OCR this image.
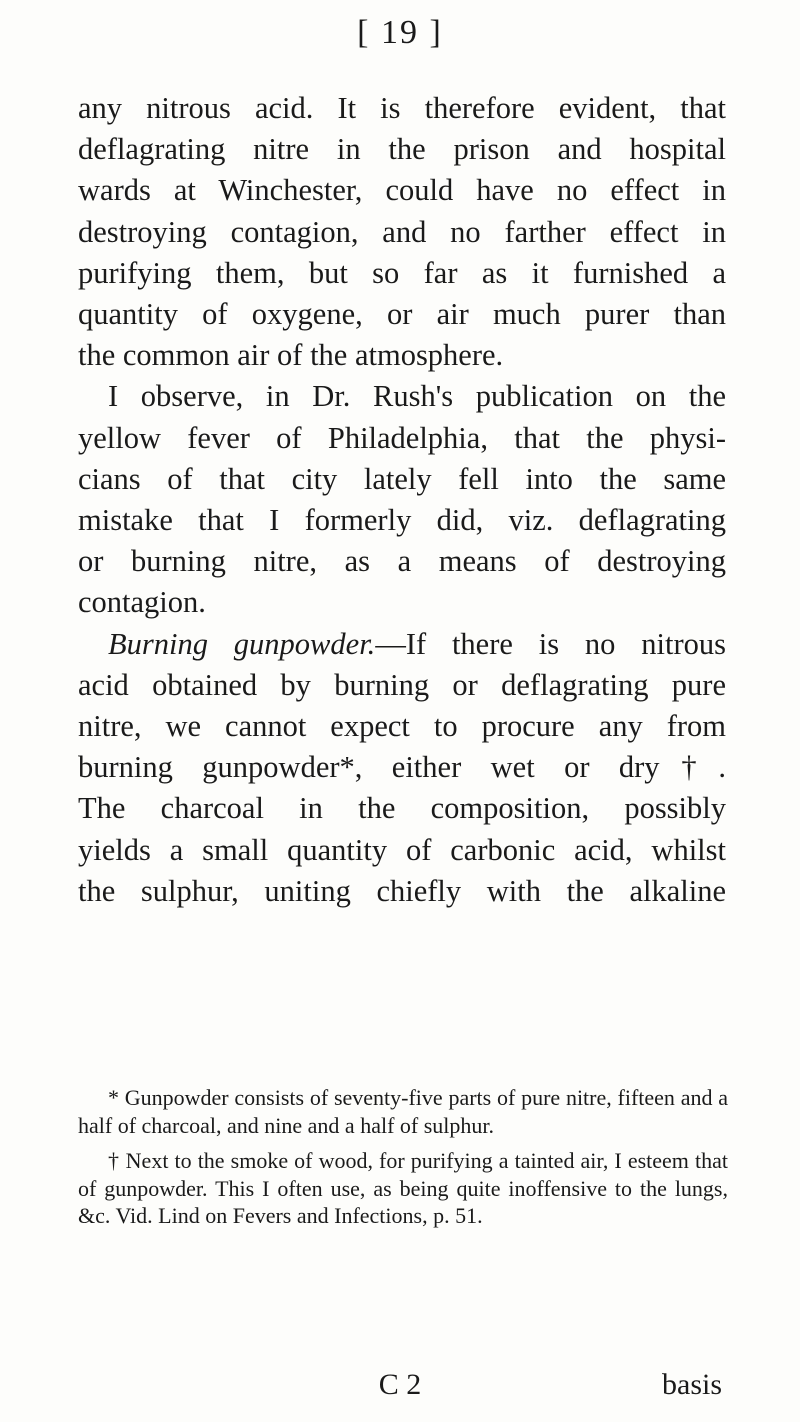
[ 19 ]

any nitrous acid. It is therefore evident, that

deflagrating nitre in the prison and hospital

wards at Winchester, could have no effect in

destroying contagion, and no farther effect in

purifying them, but so far as it furnished a

quantity of oxygene, or air much purer than

the common air of the atmosphere.

I observe, in Dr. Rush's publication on the

yellow fever of Philadelphia, that the physi-

cians of that city lately fell into the same

mistake that I formerly did, viz. deflagrating

or burning nitre, as a means of destroying

contagion.

Burning gunpowder.—If there is no nitrous

acid obtained by burning or deflagrating pure

nitre, we cannot expect to procure any from

burning gunpowder*, either wet or dry†.

The charcoal in the composition, possibly

yields a small quantity of carbonic acid, whilst

the sulphur, uniting chiefly with the alkaline

* Gunpowder consists of seventy-five parts of pure nitre, fifteen and a half of charcoal, and nine and a half of sulphur.

† Next to the smoke of wood, for purifying a tainted air, I esteem that of gunpowder. This I often use, as being quite inoffensive to the lungs, &c. Vid. Lind on Fevers and Infections, p. 51.

C 2	basis
